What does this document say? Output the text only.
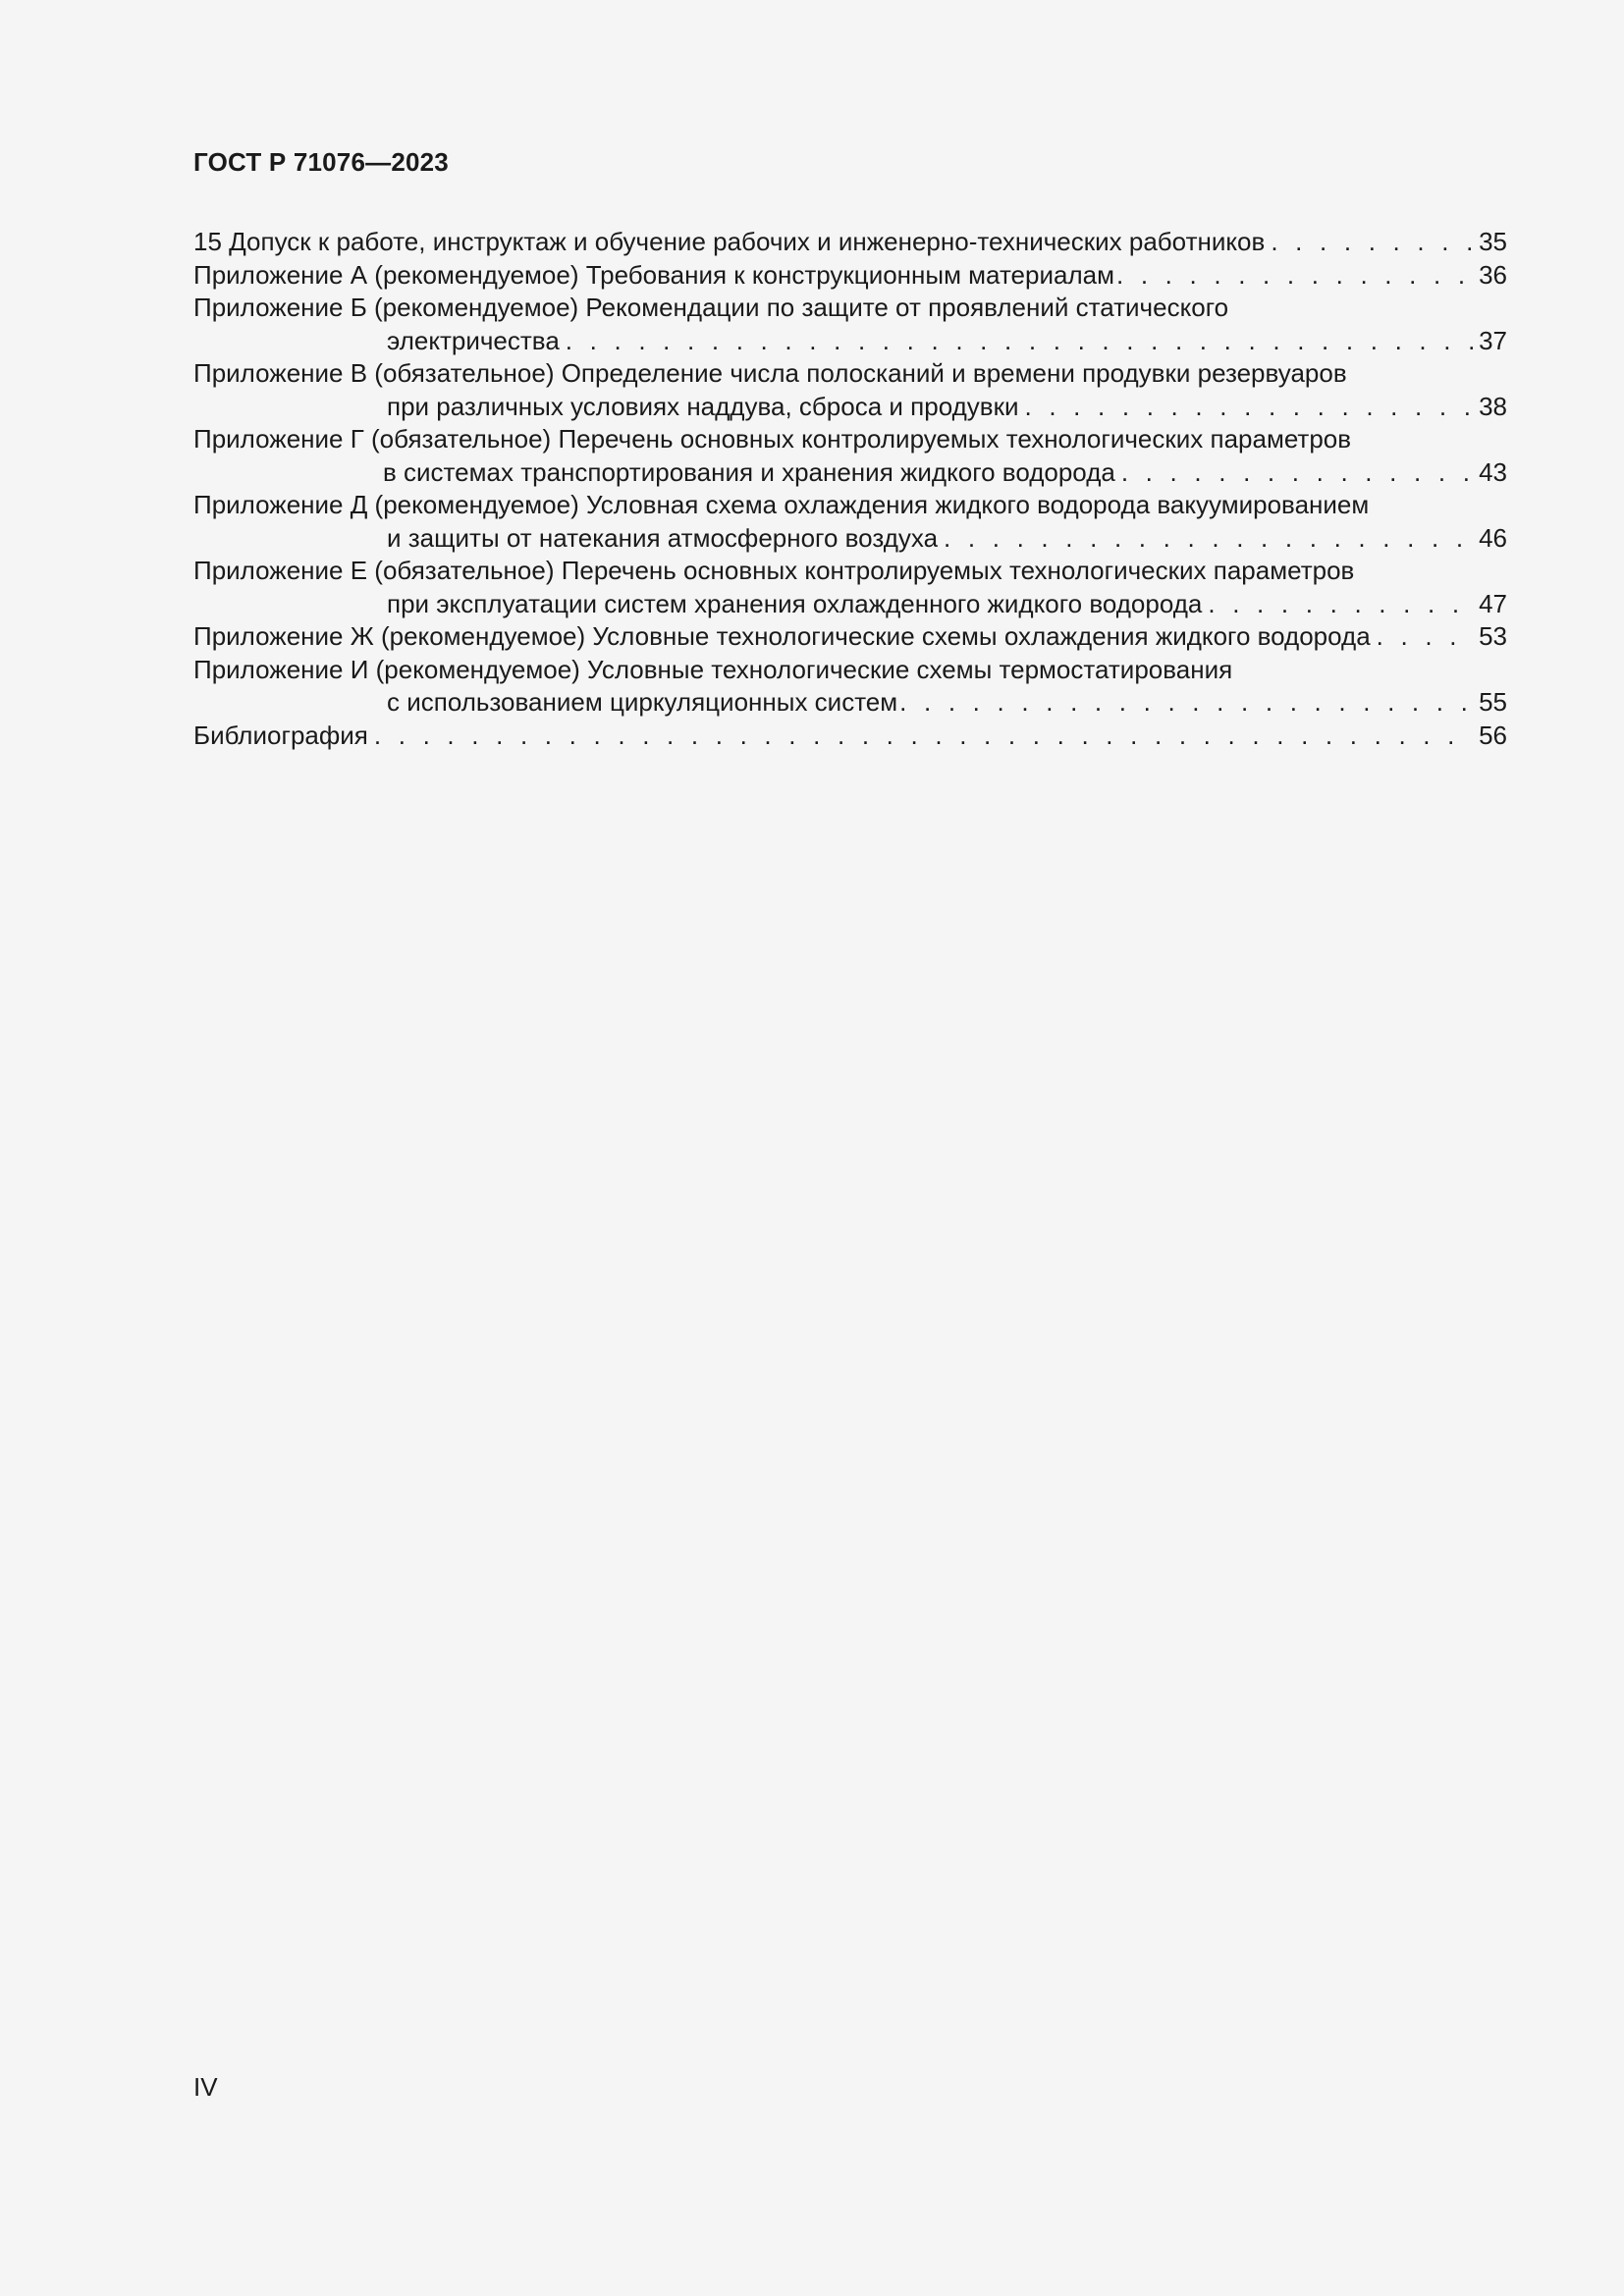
ГОСТ Р 71076—2023
15 Допуск к работе, инструктаж и обучение рабочих и инженерно-технических работников . . .	35
Приложение А (рекомендуемое) Требования к конструкционным материалам . . .	36
Приложение Б (рекомендуемое) Рекомендации по защите от проявлений статического
электричества . . .	37
Приложение В (обязательное) Определение числа полосканий и времени продувки резервуаров
при различных условиях наддува, сброса и продувки . . .	38
Приложение Г (обязательное) Перечень основных контролируемых технологических параметров
в системах транспортирования и хранения жидкого водорода . . .	43
Приложение Д (рекомендуемое) Условная схема охлаждения жидкого водорода вакуумированием
и защиты от натекания атмосферного воздуха . . .	46
Приложение Е (обязательное) Перечень основных контролируемых технологических параметров
при эксплуатации систем хранения охлажденного жидкого водорода . . .	47
Приложение Ж (рекомендуемое) Условные технологические схемы охлаждения жидкого водорода . . .	53
Приложение И (рекомендуемое) Условные технологические схемы термостатирования
с использованием циркуляционных систем . . .	55
Библиография . . .	56
IV
